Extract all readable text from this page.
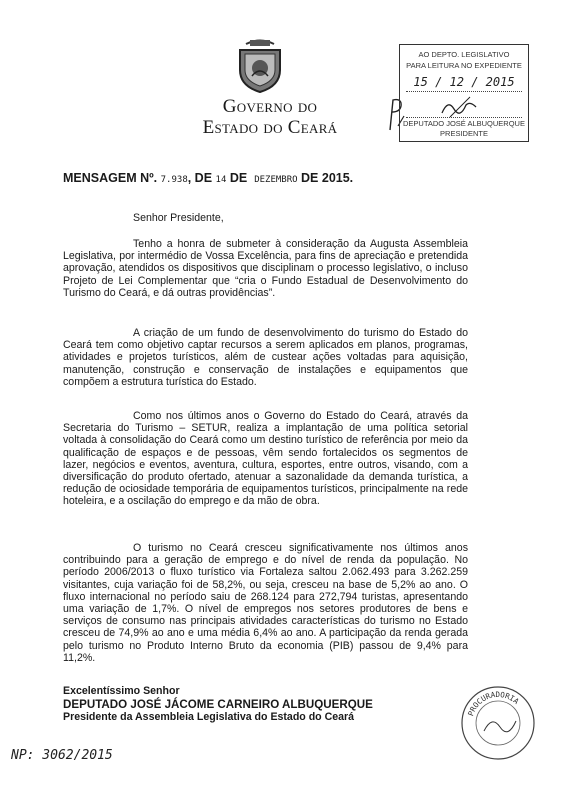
Governo do
Estado do Ceará
AO DEPTO. LEGISLATIVO
PARA LEITURA NO EXPEDIENTE
15 / 12 / 2015
DEPUTADO JOSÉ ALBUQUERQUE
PRESIDENTE
MENSAGEM Nº. 7.938, DE 14 DE DEZEMBRO DE 2015.
Senhor Presidente,

Tenho a honra de submeter à consideração da Augusta Assembleia Legislativa, por intermédio de Vossa Excelência, para fins de apreciação e pretendida aprovação, atendidos os dispositivos que disciplinam o processo legislativo, o incluso Projeto de Lei Complementar que “cria o Fundo Estadual de Desenvolvimento do Turismo do Ceará, e dá outras providências”.

A criação de um fundo de desenvolvimento do turismo do Estado do Ceará tem como objetivo captar recursos a serem aplicados em planos, programas, atividades e projetos turísticos, além de custear ações voltadas para aquisição, manutenção, construção e conservação de instalações e equipamentos que compõem a estrutura turística do Estado.

Como nos últimos anos o Governo do Estado do Ceará, através da Secretaria do Turismo – SETUR, realiza a implantação de uma política setorial voltada à consolidação do Ceará como um destino turístico de referência por meio da qualificação de espaços e de pessoas, vêm sendo fortalecidos os segmentos de lazer, negócios e eventos, aventura, cultura, esportes, entre outros, visando, com a diversificação do produto ofertado, atenuar a sazonalidade da demanda turística, a redução de ociosidade temporária de equipamentos turísticos, principalmente na rede hoteleira, e a oscilação do emprego e da mão de obra.

O turismo no Ceará cresceu significativamente nos últimos anos contribuindo para a geração de emprego e do nível de renda da população. No período 2006/2013 o fluxo turístico via Fortaleza saltou 2.062.493 para 3.262.259 visitantes, cuja variação foi de 58,2%, ou seja, cresceu na base de 5,2% ao ano. O fluxo internacional no período saiu de 268.124 para 272,794 turistas, apresentando uma variação de 1,7%. O nível de empregos nos setores produtores de bens e serviços de consumo nas principais atividades características do turismo no Estado cresceu de 74,9% ao ano e uma média 6,4% ao ano. A participação da renda gerada pelo turismo no Produto Interno Bruto da economia (PIB) passou de 9,4% para 11,2%.

Excelentíssimo Senhor
DEPUTADO JOSÉ JÁCOME CARNEIRO ALBUQUERQUE
Presidente da Assembleia Legislativa do Estado do Ceará	PROCURADORIA
NP: 3062/2015
